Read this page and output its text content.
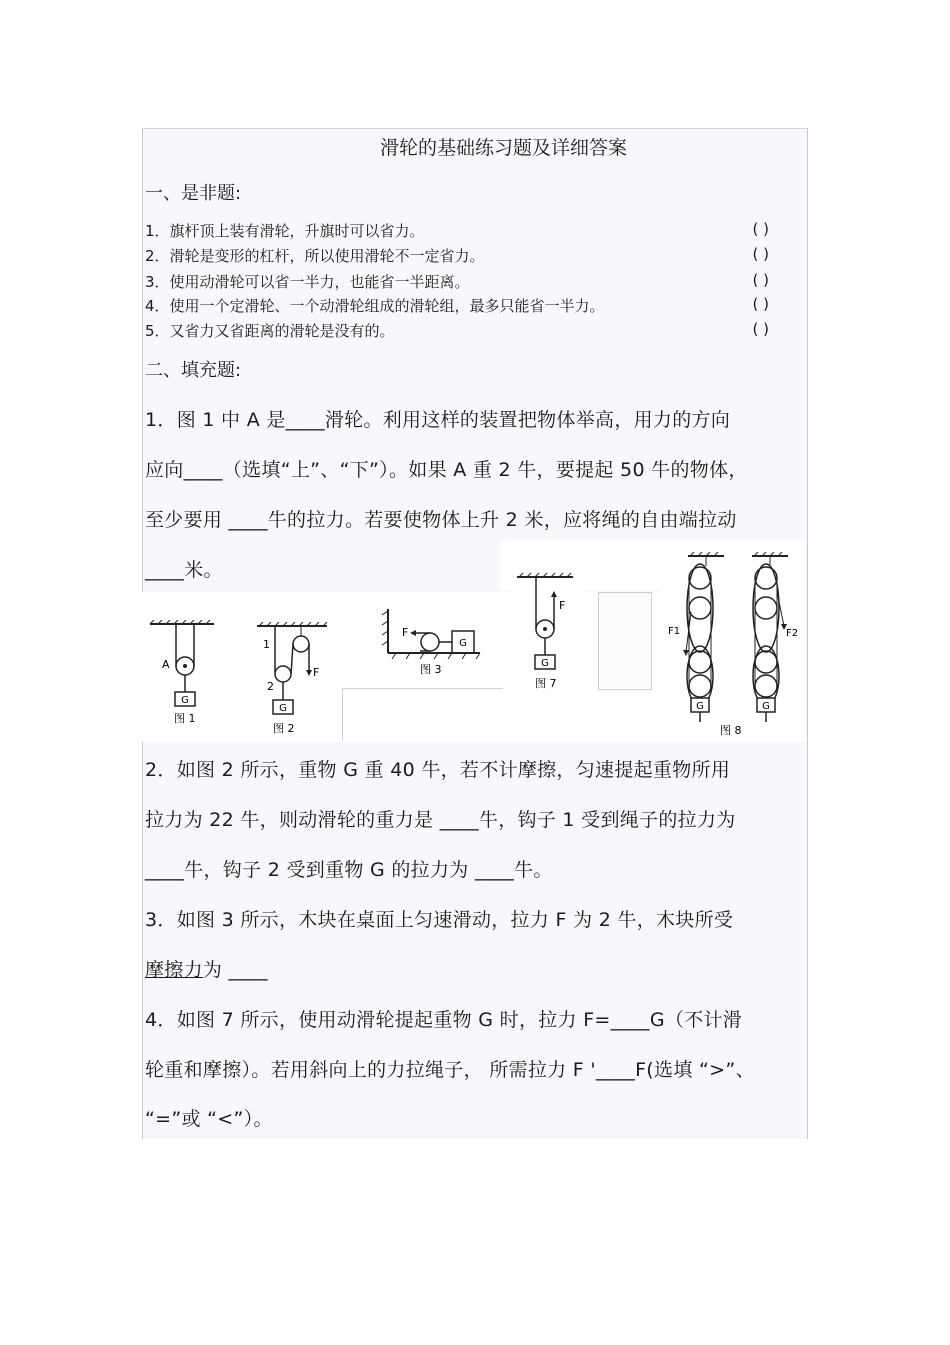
滑轮的基础练习题及详细答案
一、是非题:
1．旗杆顶上装有滑轮，升旗时可以省力。	( )
2．滑轮是变形的杠杆，所以使用滑轮不一定省力。	( )
3．使用动滑轮可以省一半力，也能省一半距离。	( )
4．使用一个定滑轮、一个动滑轮组成的滑轮组，最多只能省一半力。	( )
5．又省力又省距离的滑轮是没有的。	( )
二、填充题:
1．图 1 中 A 是____滑轮。利用这样的装置把物体举高，用力的方向
应向____（选填“上”、“下”）。如果 A 重 2 牛，要提起 50 牛的物体，
至少要用 ____牛的拉力。若要使物体上升 2 米，应将绳的自由端拉动
____米。
2．如图 2 所示，重物 G 重 40 牛，若不计摩擦，匀速提起重物所用
拉力为 22 牛，则动滑轮的重力是 ____牛，钩子 1 受到绳子的拉力为
____牛，钩子 2 受到重物 G 的拉力为 ____牛。
3．如图 3 所示，木块在桌面上匀速滑动，拉力 F 为 2 牛，木块所受
摩擦力为 ____
4．如图 7 所示，使用动滑轮提起重物 G 时，拉力 F=____G（不计滑
轮重和摩擦）。若用斜向上的力拉绳子， 所需拉力 F '____F(选填 “>”、
“=”或 “<”）。
G
A
图 1
G
1
2
F
图 2
G
F
图 3	G
F
图 7
G
F1
G
F2
图 8
